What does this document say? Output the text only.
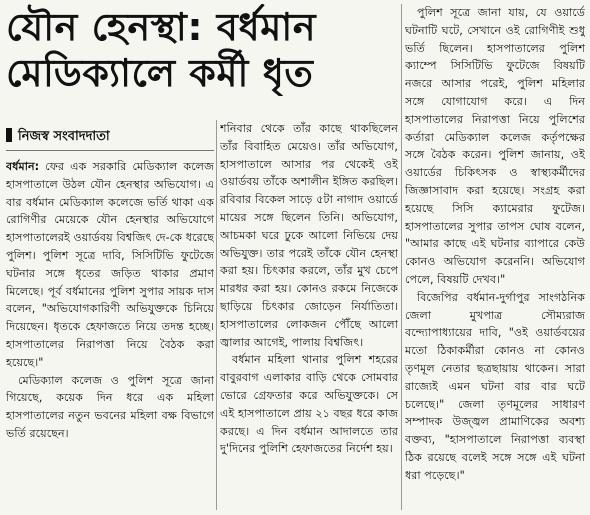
যৌন হেনস্থা: বর্ধমান
মেডিক্যালে কর্মী ধৃত
নিজস্ব সংবাদদাতা

বর্ধমান: ফের এক সরকারি মেডিক্যাল কলেজ হাসপাতালে উঠল যৌন হেনস্থার অভিযোগ। এ বার বর্ধমান মেডিক্যাল কলেজে ভর্তি থাকা এক রোগিণীর মেয়েকে যৌন হেনস্থার অভিযোগে হাসপাতালেরই ওয়ার্ডবয় বিশ্বজিৎ দে-কে ধরেছে পুলিশ। পুলিশ সূত্রে দাবি, সিসিটিভি ফুটেজে ঘটনার সঙ্গে ধৃতের জড়িত থাকার প্রমাণ মিলেছে। পূর্ব বর্ধমানের পুলিশ সুপার সায়ক দাস বলেন, "অভিযোগকারিণী অভিযুক্তকে চিনিয়ে দিয়েছেন। ধৃতকে হেফাজতে নিয়ে তদন্ত হচ্ছে। হাসপাতালের নিরাপত্তা নিয়ে বৈঠক করা হয়েছে।"

মেডিক্যাল কলেজ ও পুলিশ সূত্রে জানা গিয়েছে, কয়েক দিন ধরে এক মহিলা হাসপাতালের নতুন ভবনের মহিলা বক্ষ বিভাগে ভর্তি রয়েছেন।

শনিবার থেকে তাঁর কাছে থাকছিলেন তাঁর বিবাহিত মেয়েও। তাঁর অভিযোগ, হাসপাতালে আসার পর থেকেই ওই ওয়ার্ডবয় তাঁকে অশালীন ইঙ্গিত করছিল। রবিবার বিকেল সাড়ে ৫টা নাগাদ ওয়ার্ডে মায়ের সঙ্গে ছিলেন তিনি। অভিযোগ, আচমকা ঘরে ঢুকে আলো নিভিয়ে দেয় অভিযুক্ত। তার পরেই তাঁকে যৌন হেনস্থা করা হয়। চিৎকার করলে, তাঁর মুখ চেপে মারধর করা হয়। কোনও রকমে নিজেকে ছাড়িয়ে চিৎকার জোড়েন নির্যাতিতা। হাসপাতালের লোকজন পৌঁছে আলো জ্বালার আগেই, পালায় বিশ্বজিৎ।

বর্ধমান মহিলা থানার পুলিশ শহরের বাবুরবাগ এলাকার বাড়ি থেকে সোমবার ভোরে গ্রেফতার করে অভিযুক্তকে। সে এই হাসপাতালে প্রায় ২১ বছর ধরে কাজ করছে। এ দিন বর্ধমান আদালতে তার দু'দিনের পুলিশি হেফাজতের নির্দেশ হয়।

পুলিশ সূত্রে জানা যায়, যে ওয়ার্ডে ঘটনাটি ঘটে, সেখানে ওই রোগিণীই শুধু ভর্তি ছিলেন। হাসপাতালের পুলিশ ক্যাম্পে সিসিটিভি ফুটেজে বিষয়টি নজরে আসার পরেই, পুলিশ মহিলার সঙ্গে যোগাযোগ করে। এ দিন হাসপাতালের নিরাপত্তা নিয়ে পুলিশের কর্তারা মেডিক্যাল কলেজ কর্তৃপক্ষের সঙ্গে বৈঠক করেন। পুলিশ জানায়, ওই ওয়ার্ডের চিকিৎসক ও স্বাস্থ্যকর্মীদের জিজ্ঞাসাবাদ করা হয়েছে। সংগ্রহ করা হয়েছে সিসি ক্যামেরার ফুটেজ। হাসপাতালের সুপার তাপস ঘোষ বলেন, "আমার কাছে এই ঘটনার ব্যাপারে কেউ কোনও অভিযোগ করেননি। অভিযোগ পেলে, বিষয়টি দেখব।"

বিজেপির বর্ধমান-দুর্গাপুর সাংগঠনিক জেলা মুখপাত্র সৌম্যরাজ বন্দ্যোপাধ্যায়ের দাবি, "ওই ওয়ার্ডবয়ের মতো ঠিকাকর্মীরা কোনও না কোনও তৃণমূল নেতার ছত্রছায়ায় থাকেন। সারা রাজ্যেই এমন ঘটনা বার বার ঘটে চলেছে।" জেলা তৃণমূলের সাধারণ সম্পাদক উজ্জ্বল প্রামাণিকের অবশ্য বক্তব্য, "হাসপাতালে নিরাপত্তা ব্যবস্থা ঠিক রয়েছে বলেই সঙ্গে সঙ্গে এই ঘটনা ধরা পড়েছে।"
